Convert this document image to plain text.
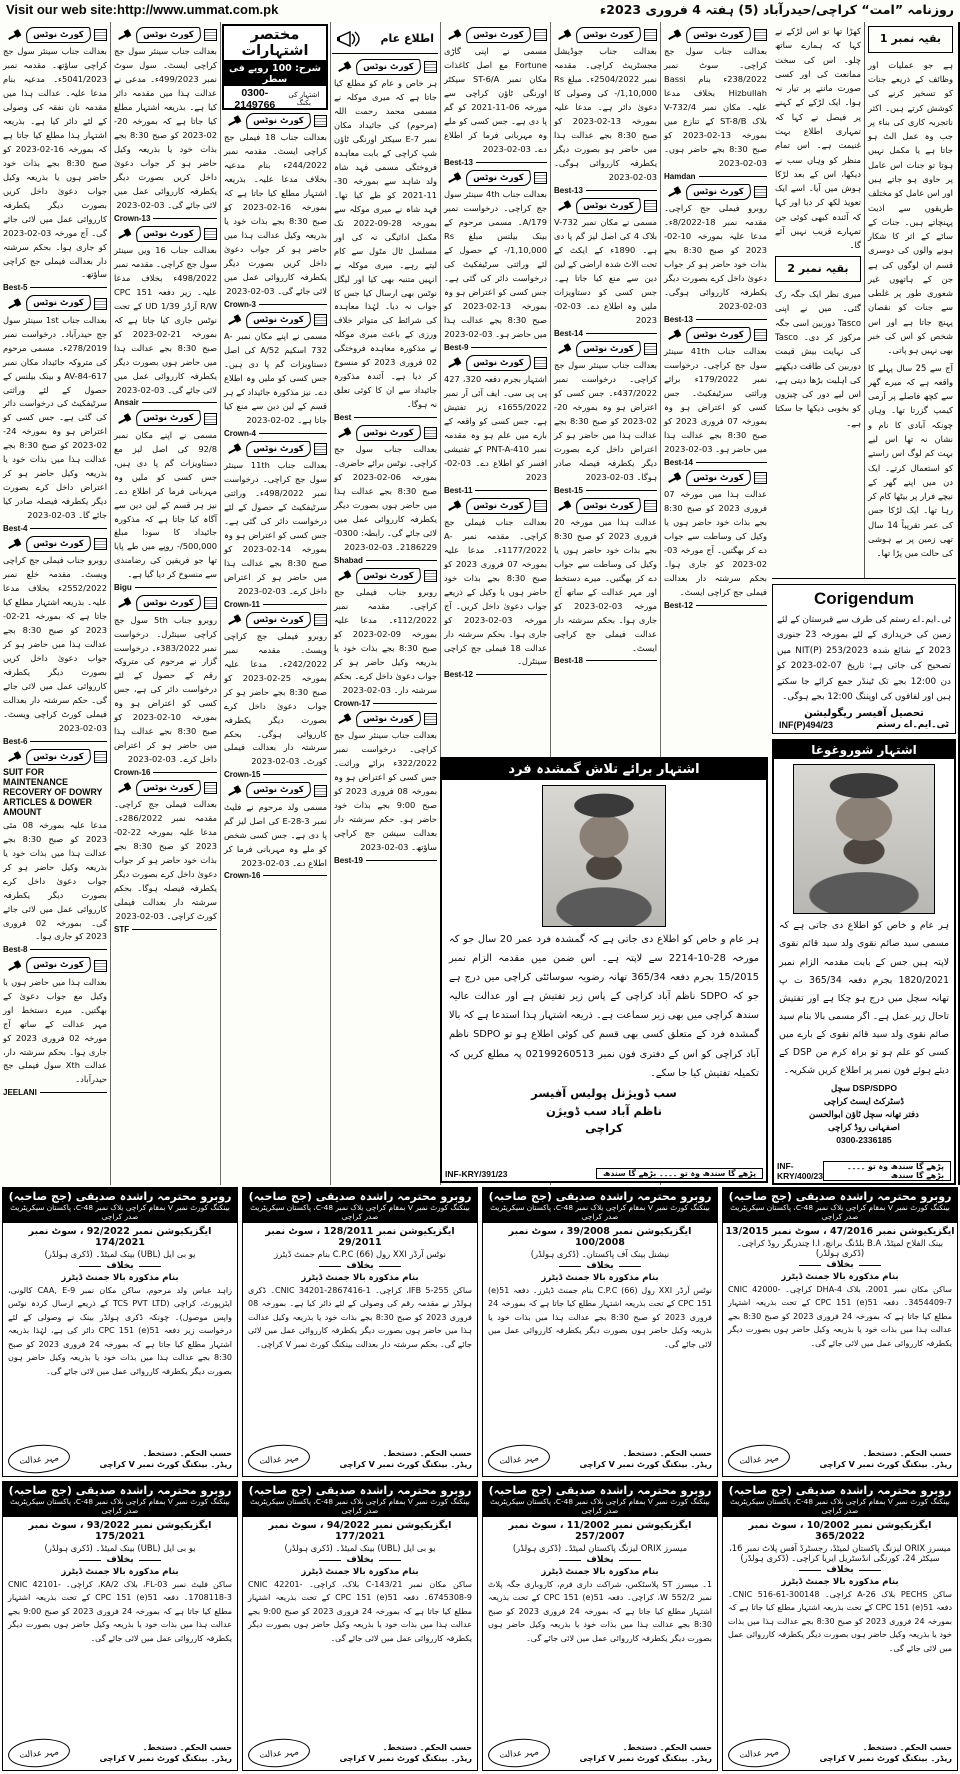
Visit our web site:http://www.ummat.com.pk	روزنامہ ”امت“ کراچی/حیدرآباد (5) ہفتہ 4 فروری 2023ء
کورٹ نوٹس
بعدالت جناب سینئر سول جج کراچی ساؤتھ۔ مقدمہ نمبر 5041/2023ء۔ مدعیہ بنام مدعا علیہ۔ عدالت ہذا میں مقدمہ نان نفقہ کی وصولی کے لئے دائر کیا ہے۔ بذریعہ اشتہار ہذا مطلع کیا جاتا ہے کہ بمورخہ 16-02-2023 کو صبح 8:30 بجے بذات خود حاضر ہوں یا بذریعہ وکیل جواب دعویٰ داخل کریں بصورت دیگر یکطرفہ کارروائی عمل میں لائی جائے گی۔ آج مورخہ 03-02-2023 کو جاری ہوا۔ بحکم سرشتہ دار بعدالت فیملی جج کراچی ساؤتھ۔
Best-5
کورٹ نوٹس
بعدالت جناب 1st سینئر سول جج حیدرآباد۔ درخواست نمبر 278/2019ء۔ مسمی مرحوم کی متروکہ جائیداد مکان نمبر AV-84-617 و بینک بیلنس کے حصول کے لئے وراثتی سرٹیفکیٹ کی درخواست دائر کی گئی ہے۔ جس کسی کو اعتراض ہو وہ بمورخہ 24-02-2023 کو صبح 8:30 بجے عدالت ہذا میں بذات خود یا بذریعہ وکیل حاضر ہو کر اعتراض داخل کرے بصورت دیگر یکطرفہ فیصلہ صادر کیا جائے گا۔ 03-02-2023
Best-4
کورٹ نوٹس
روبرو جناب فیملی جج کراچی ویسٹ۔ مقدمہ خلع نمبر 2552/2022ء بخلاف مدعا علیہ۔ بذریعہ اشتہار مطلع کیا جاتا ہے کہ بمورخہ 21-02-2023 کو صبح 8:30 بجے عدالت ہذا میں حاضر ہو کر جواب دعویٰ داخل کریں بصورت دیگر یکطرفہ کارروائی عمل میں لائی جائے گی۔ حکم سرشتہ دار بعدالت فیملی کورٹ کراچی ویسٹ۔ 03-02-2023
Best-6
کورٹ نوٹس
SUIT FOR MAINTENANCE RECOVERY OF DOWRY ARTICLES & DOWER AMOUNT
مدعا علیہ بمورخہ 08 مئی 2023 کو صبح 8:30 بجے عدالت ہذا میں بذات خود یا بذریعہ وکیل حاضر ہو کر جواب دعویٰ داخل کرے بصورت دیگر یکطرفہ کارروائی عمل میں لائی جائے گی۔ بمورخہ 02 فروری 2023 کو جاری ہوا۔
Best-8
کورٹ نوٹس
بعدالت ہذا میں حاضر ہوں یا وکیل مع جواب دعویٰ کے بھگتیں۔ میرے دستخط اور مہر عدالت کے ساتھ آج مورخہ 02 فروری 2023 کو جاری ہوا۔ بحکم سرشتہ دار، عدالت Xth سول فیملی جج حیدرآباد۔
JEELANI
کورٹ نوٹس
بعدالت جناب سینئر سول جج کراچی ایسٹ۔ سول سوٹ نمبر 499/2023ء۔ مدعی نے عدالت ہذا میں مقدمہ دائر کیا ہے۔ بذریعہ اشتہار مطلع کیا جاتا ہے کہ بمورخہ 20-02-2023 کو صبح 8:30 بجے بذات خود یا بذریعہ وکیل حاضر ہو کر جواب دعویٰ داخل کریں بصورت دیگر یکطرفہ کارروائی عمل میں لائی جائے گی۔ 03-02-2023
Crown-13
کورٹ نوٹس
بعدالت جناب 16 ویں سینئر سول جج کراچی۔ مقدمہ نمبر 498/2022ء بخلاف مدعا علیہ۔ زیر دفعہ CPC 151 R/W آرڈر 1/39 UD کے تحت نوٹس جاری کیا جاتا ہے کہ بمورخہ 21-02-2023 کو صبح 8:30 بجے عدالت ہذا میں حاضر ہوں بصورت دیگر یکطرفہ کارروائی عمل میں لائی جائے گی۔ 03-02-2023
Ansair
کورٹ نوٹس
مسمی نے اپنے مکان نمبر 92/8 کی اصل لیز مع دستاویزات گم پا دی ہیں، جس کسی کو ملیں وہ مہربانی فرما کر اطلاع دے۔ نیز ہر قسم کے لین دین سے آگاہ کیا جاتا ہے کہ مذکورہ جائیداد کا سودا مبلغ 500,000/- روپے میں طے پایا تھا جو فریقین کی رضامندی سے منسوخ کر دیا گیا ہے۔
Bigu
کورٹ نوٹس
روبرو جناب 5th سول جج کراچی سینٹرل۔ درخواست نمبر 383/2022ء۔ درخواست گزار نے مرحوم کی متروکہ رقم کے حصول کے لئے درخواست دائر کی ہے، جس کسی کو اعتراض ہو وہ بمورخہ 10-02-2023 کو صبح 8:30 بجے عدالت ہذا میں حاضر ہو کر اعتراض داخل کرے۔ 03-02-2023
Crown-16
کورٹ نوٹس
بعدالت فیملی جج کراچی۔ مقدمہ نمبر 286/2022ء۔ مدعا علیہ بمورخہ 22-02-2023 کو صبح 8:30 بجے بذات خود حاضر ہو کر جواب دعویٰ داخل کرے بصورت دیگر یکطرفہ فیصلہ ہوگا۔ بحکم سرشتہ دار بعدالت فیملی کورٹ کراچی۔ 03-02-2023
STF
کورٹ نوٹس
بعدالت جناب 18 فیملی جج کراچی ایسٹ۔ مقدمہ نمبر 244/2022ء بنام مدعیہ بخلاف مدعا علیہ۔ بذریعہ اشتہار مطلع کیا جاتا ہے کہ بمورخہ 16-02-2023 کو صبح 8:30 بجے بذات خود یا بذریعہ وکیل عدالت ہذا میں حاضر ہو کر جواب دعویٰ داخل کریں بصورت دیگر یکطرفہ کارروائی عمل میں لائی جائے گی۔ 03-02-2023
Crown-3
کورٹ نوٹس
مسمی نے اپنے مکان نمبر A-732 اسکیم 52/A کی اصل دستاویزات گم پا دی ہیں۔ جس کسی کو ملیں وہ اطلاع دے۔ نیز مذکورہ جائیداد کے ہر قسم کے لین دین سے منع کیا جاتا ہے۔ 02-02-2023
Crown-4
کورٹ نوٹس
بعدالت جناب 11th سینئر سول جج کراچی۔ درخواست نمبر 498/2022ء۔ وراثتی سرٹیفکیٹ کے حصول کے لئے درخواست دائر کی گئی ہے۔ جس کسی کو اعتراض ہو وہ بمورخہ 14-02-2023 کو صبح 8:30 بجے عدالت ہذا میں حاضر ہو کر اعتراض داخل کرے۔ 03-02-2023
Crown-11
کورٹ نوٹس
روبرو فیملی جج کراچی ویسٹ۔ مقدمہ نمبر 242/2022ء۔ مدعا علیہ بمورخہ 25-02-2023 کو صبح 8:30 بجے حاضر ہو کر جواب دعویٰ داخل کرے بصورت دیگر یکطرفہ کارروائی ہوگی۔ بحکم سرشتہ دار بعدالت فیملی کورٹ۔ 03-02-2023
Crown-15
کورٹ نوٹس
مسمی ولد مرحوم نے فلیٹ نمبر E-28-3 کی اصل لیز گم پا دی ہے۔ جس کسی شخص کو ملے وہ مہربانی فرما کر اطلاع دے۔ 03-02-2023
Crown-16
کورٹ نوٹس
ہر خاص و عام کو مطلع کیا جاتا ہے کہ میری موکلہ نے مسمی محمد رحمت اللہ (مرحوم) کی جائیداد مکان نمبر E-7 سیکٹر اورنگی ٹاؤن شپ کراچی کے بابت معاہدہ فروختگی مسمی فہد شاہ ولد شاہد سے بمورخہ 30-11-2021 کو طے کیا تھا۔ فہد شاہ نے میری موکلہ سے بمورخہ 28-09-2022 تک مکمل ادائیگی نہ کی اور مسلسل ٹال مٹول سے کام لیتے رہے۔ میری موکلہ نے انہیں متنبہ بھی کیا اور لیگل نوٹس بھی ارسال کیا جس کا جواب نہ دیا۔ لہٰذا معاہدہ کی شرائط کی متواتر خلاف ورزی کے باعث میری موکلہ نے مذکورہ معاہدہ فروختگی 02 فروری 2023 کو منسوخ کر دیا ہے۔ آئندہ مذکورہ جائیداد سے ان کا کوئی تعلق نہ ہوگا۔
Best
کورٹ نوٹس
بعدالت جناب سول جج کراچی۔ نوٹس برائے حاضری۔ بمورخہ 06-02-2023 کو صبح 8:30 بجے عدالت ہذا میں حاضر ہوں بصورت دیگر یکطرفہ کارروائی عمل میں لائی جائے گی۔ رابطہ: 0300-2186229۔ 03-02-2023
Shabad
کورٹ نوٹس
روبرو جناب فیملی جج کراچی۔ مقدمہ نمبر 112/2022ء۔ مدعا علیہ بمورخہ 09-02-2023 کو صبح 8:30 بجے بذات خود یا بذریعہ وکیل حاضر ہو کر جواب دعویٰ داخل کرے۔ بحکم سرشتہ دار۔ 03-02-2023
Crown-17
کورٹ نوٹس
بعدالت جناب سینئر سول جج کراچی۔ درخواست نمبر 322/2022ء برائے وراثت۔ جس کسی کو اعتراض ہو وہ بمورخہ 08 فروری 2023 کو صبح 9:00 بجے بذات خود حاضر ہو۔ حکم سرشتہ دار بعدالت سیشن جج کراچی ساؤتھ۔ 03-02-2023
Best-19
کورٹ نوٹس
مسمی نے اپنی گاڑی Fortune مع اصل کاغذات مکان نمبر ST-6/A سیکٹر اورنگی ٹاؤن کراچی سے مورخہ 06-11-2021 کو گم پا دی ہے۔ جس کسی کو ملے وہ مہربانی فرما کر اطلاع دے۔ 03-02-2023
Best-13
کورٹ نوٹس
بعدالت جناب 4th سینئر سول جج کراچی۔ درخواست نمبر 179/A۔ مسمی مرحوم کے بینک بیلنس مبلغ Rs 1,10,000/- کے حصول کے لئے وراثتی سرٹیفکیٹ کی درخواست دائر کی گئی ہے۔ جس کسی کو اعتراض ہو وہ بمورخہ 13-02-2023 کو صبح 8:30 بجے عدالت ہذا میں حاضر ہو۔ 03-02-2023
Best-9
کورٹ نوٹس
اشتہار بجرم دفعہ 320، 427 پی پی سی۔ ایف آئی آر نمبر 1655/2022ء زیر تفتیش ہے۔ جس کسی کو واقعہ کے بارے میں علم ہو وہ مقدمہ نمبر PNT-A-410 کے تفتیشی افسر کو اطلاع دے۔ 03-02-2023
Best-11
کورٹ نوٹس
بعدالت جناب فیملی جج کراچی۔ مقدمہ نمبر A-1177/2022ء۔ مدعا علیہ بمورخہ 07 فروری 2023 کو صبح 8:30 بجے بذات خود حاضر ہوں یا وکیل کے ذریعے جواب دعویٰ داخل کریں۔ آج مورخہ 03-02-2023 کو جاری ہوا۔ بحکم سرشتہ دار عدالت 18 فیملی جج کراچی سینٹرل۔
Best-12
کورٹ نوٹس
بعدالت جناب جوڈیشل مجسٹریٹ کراچی۔ مقدمہ نمبر 2504/2022ء۔ مبلغ Rs 1,10,000/- کی وصولی کا دعویٰ دائر ہے۔ مدعا علیہ بمورخہ 13-02-2023 کو صبح 8:30 بجے عدالت ہذا میں حاضر ہو بصورت دیگر یکطرفہ کارروائی ہوگی۔ 03-02-2023
Best-13
کورٹ نوٹس
مسمی نے مکان نمبر V-732 بلاک 4 کی اصل لیز گم پا دی ہے۔ 1890ء کے ایکٹ کے تحت الاٹ شدہ اراضی کے لین دین سے منع کیا جاتا ہے۔ جس کسی کو دستاویزات ملیں وہ اطلاع دے۔ 03-02-2023
Best-14
کورٹ نوٹس
بعدالت جناب سینئر سول جج کراچی۔ درخواست نمبر 437/2022ء۔ جس کسی کو اعتراض ہو وہ بمورخہ 20-02-2023 کو صبح 8:30 بجے عدالت ہذا میں حاضر ہو کر اعتراض داخل کرے بصورت دیگر یکطرفہ فیصلہ صادر ہوگا۔ 03-02-2023
Best-15
کورٹ نوٹس
عدالت ہذا میں مورخہ 20 فروری 2023 کو صبح 8:30 بجے بذات خود حاضر ہوں یا وکیل کی وساطت سے جواب دے کر بھگتیں۔ میرے دستخط اور مہر عدالت کے ساتھ آج مورخہ 03-02-2023 کو جاری ہوا۔ بحکم سرشتہ دار عدالت فیملی جج کراچی ایسٹ۔
Best-18
کورٹ نوٹس
بعدالت جناب سول جج کراچی۔ سوٹ نمبر 238/2022ء بنام Bassi Hizbullah بخلاف مدعا علیہ۔ مکان نمبر V-732/4 بلاک ST-8/B کے تنازع میں بمورخہ 13-02-2023 کو صبح 8:30 بجے حاضر ہوں۔ 03-02-2023
Hamdan
کورٹ نوٹس
روبرو فیملی جج کراچی۔ مقدمہ نمبر 18-8/2022ء۔ مدعا علیہ بمورخہ 10-02-2023 کو صبح 8:30 بجے بذات خود حاضر ہو کر جواب دعویٰ داخل کرے بصورت دیگر یکطرفہ کارروائی ہوگی۔ 03-02-2023
Best-13
کورٹ نوٹس
بعدالت جناب 41th سینئر سول جج کراچی۔ درخواست نمبر 179/2022ء برائے وراثتی سرٹیفکیٹ۔ جس کسی کو اعتراض ہو وہ بمورخہ 07 فروری 2023 کو صبح 8:30 بجے عدالت ہذا میں حاضر ہو۔ 03-02-2023
Best-14
کورٹ نوٹس
عدالت ہذا میں مورخہ 07 فروری 2023 کو صبح 8:30 بجے بذات خود حاضر ہوں یا وکیل کی وساطت سے جواب دے کر بھگتیں۔ آج مورخہ 03-02-2023 کو جاری ہوا۔ بحکم سرشتہ دار بعدالت فیملی جج کراچی ایسٹ۔
Best-12
بقیہ نمبر 1

ہے جو عملیات اور وظائف کے ذریعے جنات کو تسخیر کرنے کی کوشش کرتے ہیں۔ اکثر ناتجربہ کاری کی بناء پر جب وہ عمل الٹ ہو جاتا ہے یا مکمل نہیں ہوتا تو جنات اس عامل پر حاوی ہو جاتے ہیں اور اس عامل کو مختلف طریقوں سے اذیت پہنچاتے ہیں۔ جنات کے سائے کے اثر کا شکار ہونے والوں کی دوسری قسم ان لوگوں کی ہے جن کے ہاتھوں غیر شعوری طور پر غلطی سے جنات کو نقصان پہنچ جاتا ہے اور اس شخص کو اس کی خبر بھی نہیں ہو پاتی۔

آج سے 25 سال پہلے کا واقعہ ہے کہ میرے گھر سے کچھ فاصلے پر آرمی کیمپ گزرتا تھا۔ وہاں چونکہ آبادی کا نام و نشان نہ تھا اس لیے بہت کم لوگ اس راستے کو استعمال کرتے۔ ایک دن میں اپنے گھر کے نیچے فرار پر بیٹھا کام کر رہا تھا۔ ایک لڑکا جس کی عمر تقریباً 14 سال تھی زمین پر بے ہوشی کی حالت میں پڑا تھا۔

کھڑا تھا تو اس لڑکے نے کہا کہ ہمارے ساتھ چلو۔ اس کی سخت ممانعت کی اور کسی صورت ماننے پر تیار نہ ہوا۔ ایک لڑکے کے کہنے پر فیصل نے کہا کہ تمہاری اطلاع بہت غنیمت ہے۔ اس تمام منظر کو وہاں سب نے دیکھا، اس کے بعد لڑکا ہوش میں آیا۔ اسے ایک تعویذ لکھ کر دیا اور کہا کہ آئندہ کبھی کوئی جن تمہارے قریب نہیں آئے گا۔

بقیہ نمبر 2

میری نظر ایک جگہ رک گئی۔ میں نے اپنی Tasco دوربین اسی جگہ مرکوز کر دی۔ Tasco کی نہایت بیش قیمت دوربین کی طاقت دیکھنے کی اہلیت بڑھا دیتی ہے، اس لیے دور کی چیزوں کو بخوبی دیکھا جا سکتا ہے۔

Corigendum

ٹی۔ایم۔اے رستم کی طرف سے قبرستان کے لئے زمین کی خریداری کے لئے بمورخہ 23 جنوری 2023 کے شائع شدہ NIT(P) 253/2023 میں تصحیح کی جاتی ہے: تاریخ 07-02-2023 کو دن 12:00 بجے تک ٹینڈر جمع کرائے جا سکتے ہیں اور لفافوں کی اوپننگ 12:00 بجے ہوگی۔

تحصیل آفیسر ریگولیشن
INF(P)494/23	ٹی۔ایم۔اے رستم
اشتہار شوروغوغا

ہر عام و خاص کو اطلاع دی جاتی ہے کہ مسمی سید صائم نقوی ولد سید قائم نقوی لاپتہ ہیں جس کے بابت مقدمہ الزام نمبر 1820/2021 بجرم دفعہ 365/34 ت پ تھانہ سچل میں درج ہو چکا ہے اور تفتیش تاحال زیر عمل ہے۔ اگر مسمی بالا بنام سید صائم نقوی ولد سید قائم نقوی کے بارے میں کسی کو علم ہو تو براہ کرم من DSP کے دیئے ہوئے فون نمبر پر اطلاع کریں شکریہ۔

DSP/SDPO سچل
ڈسٹرکٹ ایسٹ کراچی
دفتر تھانہ سچل ٹاؤن ابوالحسن
اصفہانی روڈ کراچی
0300-2336185
INF-KRY/400/23
پڑھے گا سندھ وہ تو ۔۔۔۔ بڑھے گا سندھ
مختصر اشتہارات
شرح: 100 روپے فی سطر
اشتہار کی بکنگ
0300-2149766
اطلاع عام
اشتہار برائے تلاش گمشدہ فرد

ہر عام و خاص کو اطلاع دی جاتی ہے کہ گمشدہ فرد عمر 20 سال جو کہ مورخہ 28-10-2214 سے لاپتہ ہے۔ اس ضمن میں مقدمہ الزام نمبر 15/2015 بجرم دفعہ 365/34 تھانہ رضویہ سوسائٹی کراچی میں درج ہے جو کہ SDPO ناظم آباد کراچی کے پاس زیر تفتیش ہے اور عدالت عالیہ سندھ کراچی میں بھی زیر سماعت ہے۔ ذریعہ اشتہار ہذا استدعا ہے کہ بالا گمشدہ فرد کے متعلق کسی بھی قسم کی کوئی اطلاع ہو تو SDPO ناظم آباد کراچی کو اس کے دفتری فون نمبر 02199260513 پہ مطلع کریں کہ تکمیلہ تفتیش کیا جا سکے۔

سب ڈویژنل پولیس آفیسر
ناظم آباد سب ڈویژن
کراچی
INF-KRY/391/23	پڑھے گا سندھ وہ تو ۔۔۔۔ بڑھے گا سندھ
روبرو محترمہ راشدہ صدیقی (جج صاحبہ)
بینکنگ کورٹ نمبر V بمقام کراچی بلاک نمبر 48-C، پاکستان سیکریٹریٹ صدر کراچی
ایگزیکیوشن نمبر 92/2022 ، سوٹ نمبر 174/2021
یو بی ایل (UBL) بینک لمیٹڈ۔ (ڈکری ہولڈر)
بخلاف
بنام مذکورہ بالا جمنٹ ڈیٹرز
زاہد عباس ولد مرحوم، ساکن مکان نمبر CAA, E-9 کالونی، ایئرپورٹ، کراچی (TCS PVT LTD کے ذریعے ارسال کردہ نوٹس واپس موصول)۔ چونکہ ڈکری ہولڈر بینک نے وصولی کے لئے درخواست زیر دفعہ 51(e) CPC 151 دائر کی ہے، لہٰذا بذریعہ اشتہار مطلع کیا جاتا ہے کہ بمورخہ 24 فروری 2023 کو صبح 8:30 بجے عدالت ہذا میں بذات خود یا بذریعہ وکیل حاضر ہوں بصورت دیگر یکطرفہ کارروائی عمل میں لائی جائے گی۔
حسب الحکم۔ دستخط۔
ریڈر۔ بینکنگ کورٹ نمبر V کراچی
مہر عدالت
روبرو محترمہ راشدہ صدیقی (جج صاحبہ)
بینکنگ کورٹ نمبر V بمقام کراچی بلاک نمبر 48-C، پاکستان سیکریٹریٹ صدر کراچی
ایگزیکیوشن نمبر 128/2011 ، سوٹ نمبر 29/2011
نوٹس آرڈر XXI رول (66) C.P.C بنام جمنٹ ڈیٹرز
بخلاف
بنام مذکورہ بالا جمنٹ ڈیٹرز
ساکن IFB 5-255، کراچی۔ CNIC 34201-2867416-1۔ ڈکری ہولڈر نے مقدمہ رقم کی وصولی کے لئے دائر کیا ہے۔ بمورخہ 08 فروری 2023 کو صبح 8:30 بجے بذات خود یا بذریعہ وکیل عدالت ہذا میں حاضر ہوں بصورت دیگر یکطرفہ کارروائی عمل میں لائی جائے گی۔ بحکم سرشتہ دار بعدالت بینکنگ کورٹ نمبر V کراچی۔
حسب الحکم۔ دستخط۔
ریڈر۔ بینکنگ کورٹ نمبر V کراچی
مہر عدالت
روبرو محترمہ راشدہ صدیقی (جج صاحبہ)
بینکنگ کورٹ نمبر V بمقام کراچی بلاک نمبر 48-C، پاکستان سیکریٹریٹ صدر کراچی
ایگزیکیوشن نمبر 39/2008 ، سوٹ نمبر 100/2008
نیشنل بینک آف پاکستان۔ (ڈکری ہولڈر)
بخلاف
بنام مذکورہ بالا جمنٹ ڈیٹرز
نوٹس آرڈر XXI رول (66) C.P.C بنام جمنٹ ڈیٹرز۔ دفعہ 51(e) CPC 151 کے تحت بذریعہ اشتہار مطلع کیا جاتا ہے کہ بمورخہ 24 فروری 2023 کو صبح 8:30 بجے عدالت ہذا میں بذات خود یا بذریعہ وکیل حاضر ہوں بصورت دیگر یکطرفہ کارروائی عمل میں لائی جائے گی۔
حسب الحکم۔ دستخط۔
ریڈر۔ بینکنگ کورٹ نمبر V کراچی
مہر عدالت
روبرو محترمہ راشدہ صدیقی (جج صاحبہ)
بینکنگ کورٹ نمبر V بمقام کراچی بلاک نمبر 48-C، پاکستان سیکریٹریٹ صدر کراچی
ایگزیکیوشن نمبر 47/2016 ، سوٹ نمبر 13/2015
بینک الفلاح لمیٹڈ، B.A بلڈنگ برانچ، I.I چندریگر روڈ کراچی۔ (ڈکری ہولڈر)
بخلاف
بنام مذکورہ بالا جمنٹ ڈیٹرز
ساکن مکان نمبر 2001، بلاک DHA-4 کراچی۔ CNIC 42000-3454409-7۔ دفعہ 51(e) CPC 151 کے تحت بذریعہ اشتہار مطلع کیا جاتا ہے کہ بمورخہ 24 فروری 2023 کو صبح 8:30 بجے عدالت ہذا میں بذات خود یا بذریعہ وکیل حاضر ہوں بصورت دیگر یکطرفہ کارروائی عمل میں لائی جائے گی۔
حسب الحکم۔ دستخط۔
ریڈر۔ بینکنگ کورٹ نمبر V کراچی
مہر عدالت
روبرو محترمہ راشدہ صدیقی (جج صاحبہ)
بینکنگ کورٹ نمبر V بمقام کراچی بلاک نمبر 48-C، پاکستان سیکریٹریٹ صدر کراچی
ایگزیکیوشن نمبر 93/2022 ، سوٹ نمبر 175/2021
یو بی ایل (UBL) بینک لمیٹڈ۔ (ڈکری ہولڈر)
بخلاف
بنام مذکورہ بالا جمنٹ ڈیٹرز
ساکن فلیٹ نمبر FL-03، بلاک KA/2، کراچی۔ CNIC 42101-1708118-3۔ دفعہ 51(e) CPC 151 کے تحت بذریعہ اشتہار مطلع کیا جاتا ہے کہ بمورخہ 24 فروری 2023 کو صبح 9:00 بجے عدالت ہذا میں بذات خود یا بذریعہ وکیل حاضر ہوں بصورت دیگر یکطرفہ کارروائی عمل میں لائی جائے گی۔
حسب الحکم۔ دستخط۔
ریڈر۔ بینکنگ کورٹ نمبر V کراچی
مہر عدالت
روبرو محترمہ راشدہ صدیقی (جج صاحبہ)
بینکنگ کورٹ نمبر V بمقام کراچی بلاک نمبر 48-C، پاکستان سیکریٹریٹ صدر کراچی
ایگزیکیوشن نمبر 94/2022 ، سوٹ نمبر 177/2021
یو بی ایل (UBL) بینک لمیٹڈ۔ (ڈکری ہولڈر)
بخلاف
بنام مذکورہ بالا جمنٹ ڈیٹرز
ساکن مکان نمبر C-143/21 بلاک، کراچی۔ CNIC 42201-6745308-9۔ دفعہ 51(e) CPC 151 کے تحت بذریعہ اشتہار مطلع کیا جاتا ہے کہ بمورخہ 24 فروری 2023 کو صبح 9:00 بجے عدالت ہذا میں بذات خود یا بذریعہ وکیل حاضر ہوں بصورت دیگر یکطرفہ کارروائی عمل میں لائی جائے گی۔
حسب الحکم۔ دستخط۔
ریڈر۔ بینکنگ کورٹ نمبر V کراچی
مہر عدالت
روبرو محترمہ راشدہ صدیقی (جج صاحبہ)
بینکنگ کورٹ نمبر V بمقام کراچی بلاک نمبر 48-C، پاکستان سیکریٹریٹ صدر کراچی
ایگزیکیوشن نمبر 11/2002 ، سوٹ نمبر 257/2007
میسرز ORIX لیزنگ پاکستان لمیٹڈ۔ (ڈکری ہولڈر)
بخلاف
بنام مذکورہ بالا جمنٹ ڈیٹرز
1۔ میسرز ST پلاسٹکس، شراکت داری فرم، کاروباری جگہ پلاٹ نمبر W 552/2، کراچی۔ دفعہ 51(e) CPC 151 کے تحت بذریعہ اشتہار مطلع کیا جاتا ہے کہ بمورخہ 24 فروری 2023 کو صبح 8:30 بجے عدالت ہذا میں بذات خود یا بذریعہ وکیل حاضر ہوں بصورت دیگر یکطرفہ کارروائی عمل میں لائی جائے گی۔
حسب الحکم۔ دستخط۔
ریڈر۔ بینکنگ کورٹ نمبر V کراچی
مہر عدالت
روبرو محترمہ راشدہ صدیقی (جج صاحبہ)
بینکنگ کورٹ نمبر V بمقام کراچی بلاک نمبر 48-C، پاکستان سیکریٹریٹ صدر کراچی
ایگزیکیوشن نمبر 10/2002 ، سوٹ نمبر 365/2022
میسرز ORIX لیزنگ پاکستان لمیٹڈ، رجسٹرڈ آفس پلاٹ نمبر 16، سیکٹر 24، کورنگی انڈسٹریل ایریا کراچی۔ (ڈکری ہولڈر)
بخلاف
بنام مذکورہ بالا جمنٹ ڈیٹرز
ساکن PECHS بلاک 26-A کراچی۔ CNIC 516-61-300148۔ دفعہ 51(e) CPC 151 کے تحت بذریعہ اشتہار مطلع کیا جاتا ہے کہ بمورخہ 24 فروری 2023 کو صبح 8:30 بجے عدالت ہذا میں بذات خود یا بذریعہ وکیل حاضر ہوں بصورت دیگر یکطرفہ کارروائی عمل میں لائی جائے گی۔
حسب الحکم۔ دستخط۔
ریڈر۔ بینکنگ کورٹ نمبر V کراچی
مہر عدالت
